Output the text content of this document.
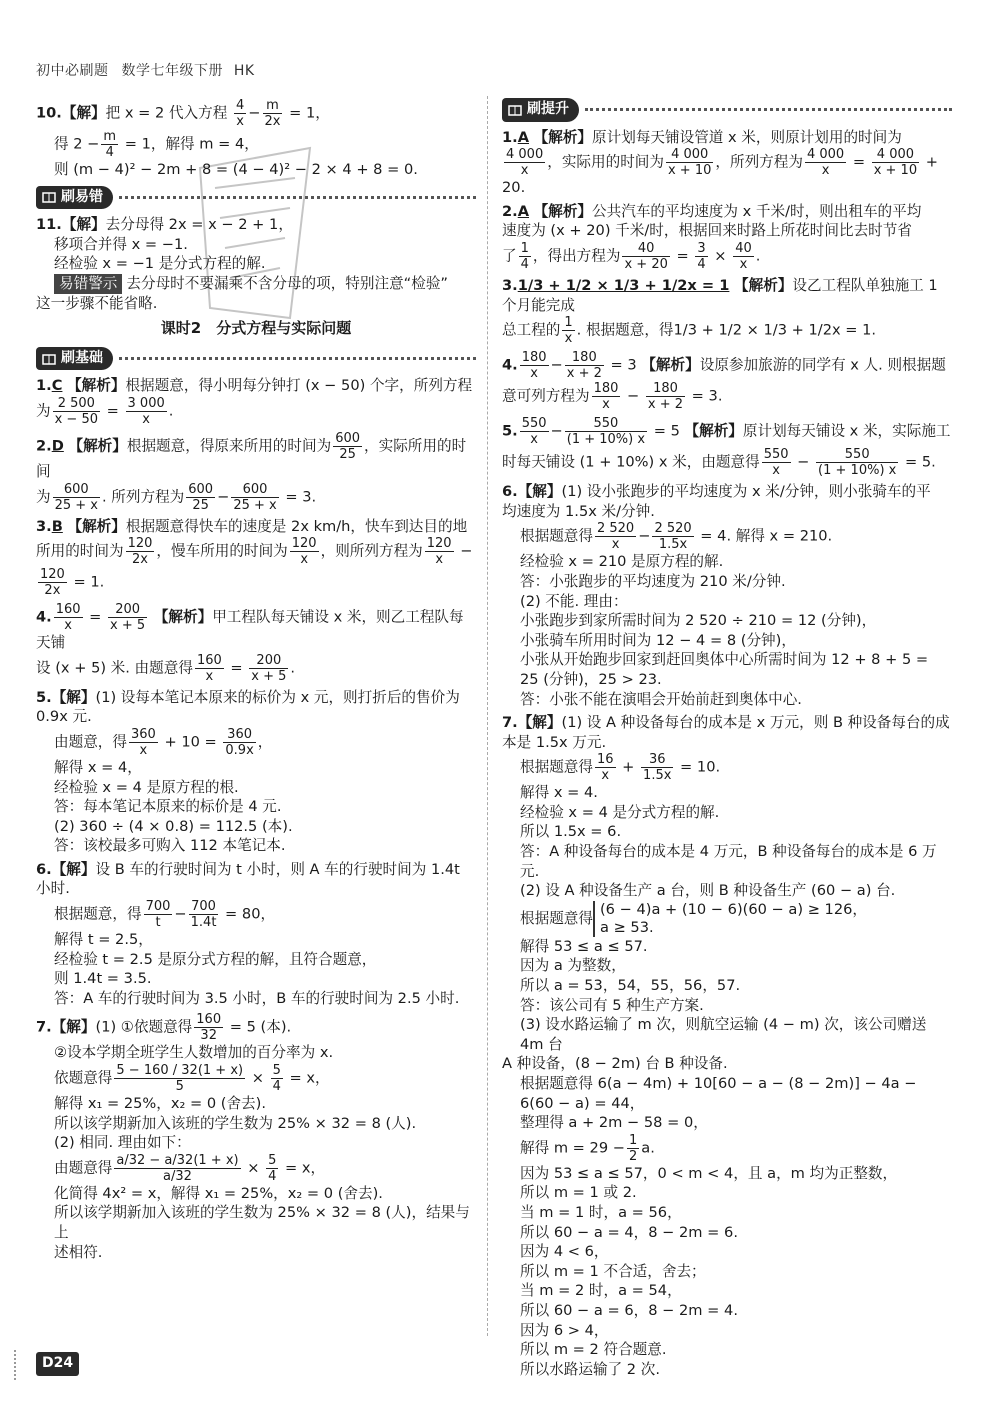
初中必刷题 数学七年级下册 HK

10.【解】把 x = 2 代入方程 $\frac{4}{x} - \frac{m}{2x} = 1$，

得 $2 - \frac{m}{4} = 1$，解得 m = 4，

则 (m − 4)² − 2m + 8 = (4 − 4)² − 2 × 4 + 8 = 0.

刷易错

11.【解】去分母得 2x = x − 2 + 1，

移项合并得 x = −1.

经检验 x = −1 是分式方程的解.

易错警示 去分母时不要漏乘不含分母的项，特别注意“检验”

这一步骤不能省略.

课时2　分式方程与实际问题
刷基础

1.C 【解析】根据题意，得小明每分钟打 (x − 50) 个字，所列方程

为 $\frac{2 500}{x - 50} = \frac{3 000}{x}$ .

2.D 【解析】根据题意，得原来所用的时间为 $\frac{600}{25}$ ，实际所用的时间

为 $\frac{600}{25 + x}$ . 所列方程为 $\frac{600}{25} - \frac{600}{25 + x} = 3$.

3.B 【解析】根据题意得快车的速度是 2x km/h，快车到达目的地

所用的时间为 $\frac{120}{2x}$ ，慢车所用的时间为 $\frac{120}{x}$ ，则所列方程为 $\frac{120}{x}$ −

$\frac{120}{2x} = 1$.

4. $\frac{160}{x} = \frac{200}{x + 5}$ 【解析】甲工程队每天铺设 x 米，则乙工程队每天铺

设 (x + 5) 米. 由题意得 $\frac{160}{x} = \frac{200}{x + 5}$ .

5.【解】(1) 设每本笔记本原来的标价为 x 元，则打折后的售价为

0.9x 元.

由题意，得 $\frac{360}{x} + 10 = \frac{360}{0.9x}$ ，

解得 x = 4，

经检验 x = 4 是原方程的根.

答：每本笔记本原来的标价是 4 元.

(2) 360 ÷ (4 × 0.8) = 112.5 (本).

答：该校最多可购入 112 本笔记本.

6.【解】设 B 车的行驶时间为 t 小时，则 A 车的行驶时间为 1.4t

小时.

根据题意，得 $\frac{700}{t} - \frac{700}{1.4t} = 80$，

解得 t = 2.5，

经检验 t = 2.5 是原分式方程的解，且符合题意，

则 1.4t = 3.5.

答：A 车的行驶时间为 3.5 小时，B 车的行驶时间为 2.5 小时.

7.【解】(1) ①依题意得 $\frac{160}{32} = 5$ (本).

②设本学期全班学生人数增加的百分率为 x.

依题意得 $\frac{5 - 160 / 32(1 + x)}{5} \times \frac{5}{4} = x$，

解得 x₁ = 25%，x₂ = 0 (舍去).

所以该学期新加入该班的学生数为 25% × 32 = 8 (人).

(2) 相同. 理由如下：

由题意得 $\frac{a/32 - a/32(1 + x)}{a/32} \times \frac{5}{4} = x$，

化简得 4x² = x，解得 x₁ = 25%，x₂ = 0 (舍去).

所以该学期新加入该班的学生数为 25% × 32 = 8 (人)，结果与上

述相符.

刷提升

1.A 【解析】原计划每天铺设管道 x 米，则原计划用的时间为

$\frac{4 000}{x}$ ，实际用的时间为 $\frac{4 000}{x + 10}$ ，所列方程为 $\frac{4 000}{x} = \frac{4 000}{x + 10} + 20$.

2.A 【解析】公共汽车的平均速度为 x 千米/时，则出租车的平均

速度为 (x + 20) 千米/时，根据回来时路上所花时间比去时节省

了 $\frac{1}{4}$ ，得出方程为 $\frac{40}{x + 20} = \frac{3}{4} \times \frac{40}{x}$ .

3.1/3 + 1/2 × 1/3 + 1/2x = 1 【解析】设乙工程队单独施工 1 个月能完成

总工程的 $\frac{1}{x}$ . 根据题意，得1/3 + 1/2 × 1/3 + 1/2x = 1.

4. $\frac{180}{x} - \frac{180}{x + 2} = 3$ 【解析】设原参加旅游的同学有 x 人. 则根据题

意可列方程为 $\frac{180}{x} - \frac{180}{x + 2} = 3$.

5. $\frac{550}{x} - \frac{550}{(1 + 10\%) x} = 5$ 【解析】原计划每天铺设 x 米，实际施工

时每天铺设 (1 + 10%) x 米，由题意得 $\frac{550}{x} - \frac{550}{(1 + 10\%) x} = 5$.

6.【解】(1) 设小张跑步的平均速度为 x 米/分钟，则小张骑车的平

均速度为 1.5x 米/分钟.

根据题意得 $\frac{2 520}{x} - \frac{2 520}{1.5x} = 4$. 解得 x = 210.

经检验 x = 210 是原方程的解.

答：小张跑步的平均速度为 210 米/分钟.

(2) 不能. 理由：

小张跑步到家所需时间为 2 520 ÷ 210 = 12 (分钟)，

小张骑车所用时间为 12 − 4 = 8 (分钟)，

小张从开始跑步回家到赶回奥体中心所需时间为 12 + 8 + 5 =

25 (分钟)，25 > 23.

答：小张不能在演唱会开始前赶到奥体中心.

7.【解】(1) 设 A 种设备每台的成本是 x 万元，则 B 种设备每台的成

本是 1.5x 万元.

根据题意得 $\frac{16}{x} + \frac{36}{1.5x} = 10$.

解得 x = 4.

经检验 x = 4 是分式方程的解.

所以 1.5x = 6.

答：A 种设备每台的成本是 4 万元，B 种设备每台的成本是 6 万元.

(2) 设 A 种设备生产 a 台，则 B 种设备生产 (60 − a) 台.

根据题意得
(6 − 4)a + (10 − 6)(60 − a) ≥ 126，
a ≥ 53.

解得 53 ≤ a ≤ 57.

因为 a 为整数，

所以 a = 53，54，55，56，57.

答：该公司有 5 种生产方案.

(3) 设水路运输了 m 次，则航空运输 (4 − m) 次，该公司赠送 4m 台

A 种设备，(8 − 2m) 台 B 种设备.

根据题意得 6(a − 4m) + 10[60 − a − (8 − 2m)] − 4a − 6(60 − a) = 44，

整理得 a + 2m − 58 = 0，

解得 $m = 29 - \frac{1}{2} a$.

因为 53 ≤ a ≤ 57，0 < m < 4，且 a，m 均为正整数，

所以 m = 1 或 2.

当 m = 1 时，a = 56，

所以 60 − a = 4，8 − 2m = 6.

因为 4 < 6，

所以 m = 1 不合适，舍去；

当 m = 2 时，a = 54，

所以 60 − a = 6，8 − 2m = 4.

因为 6 > 4，

所以 m = 2 符合题意.

所以水路运输了 2 次.

D24
